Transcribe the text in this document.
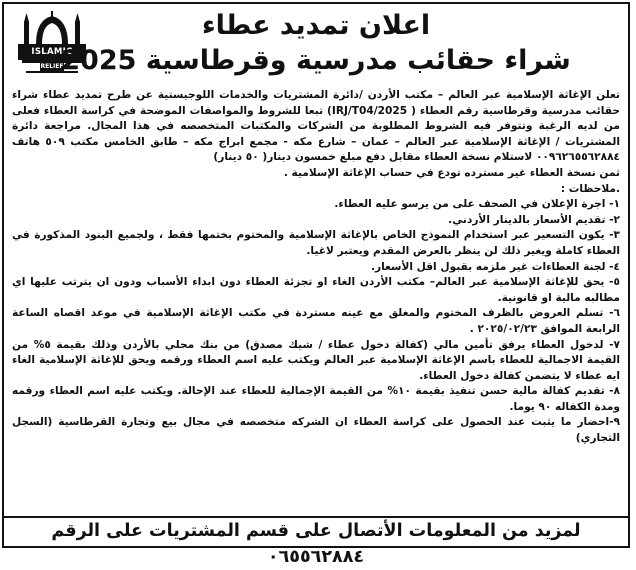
ISLAMIC
RELIEF
اعلان تمديد عطاء
شراء حقائب مدرسية وقرطاسية 2025

تعلن الإغاثة الإسلامية عبر العالم – مكتب الأردن /دائرة المشتريات والخدمات اللوجيستية عن طرح تمديد عطاء شراء حقائب مدرسية وقرطاسية رقم العطاء ( IRJ/T04/2025) تبعا للشروط والمواصفات الموضحة في كراسة العطاء فعلى من لديه الرغبة وتتوفر فيه الشروط المطلوبة من الشركات والمكتبات المتخصصه في هذا المجال. مراجعة دائرة المشتريات / الإغاثة الإسلامية عبر العالم – عمان – شارع مكه - مجمع ابراج مكه – طابق الخامس مكتب ٥٠٩ هاتف ٠٠٩٦٢٦٥٥٦٢٨٨٤ لاستلام نسخة العطاء مقابل دفع مبلغ خمسون دينار( ٥٠ دينار)

ثمن نسخة العطاء غير مسترده تودع في حساب الإغاثة الإسلامية .

.ملاحظات :

١- اجرة الإعلان في الصحف على من يرسو عليه العطاء.

٢- تقديم الأسعار بالدينار الأردني.

٣- يكون التسعير عبر استخدام النموذج الخاص بالإغاثة الإسلامية والمختوم بختمها فقط ، ولجميع البنود المذكورة في العطاء كاملة ويغير ذلك لن ينظر بالعرض المقدم ويعتبر لاغيا.

٤- لجنة العطاءات غير ملزمه بقبول اقل الأسعار.

٥- يحق للإغاثة الإسلامية عبر العالم– مكتب الأردن الغاء او تجزئة العطاء دون ابداء الأسباب ودون ان يترتب عليها اي مطالبه مالية او قانونية.

٦- تسلم العروض بالظرف المختوم والمغلق مع عينه مستردة في مكتب الإغاثة الإسلامية في موعد اقصاه الساعة الرابعة الموافق ٢٠٢٥/٠٢/٢٣ .

٧- لدخول العطاء يرفق تأمين مالي (كفالة دخول عطاء / شيك مصدق) من بنك محلي بالأردن وذلك بقيمة ٥% من القيمة الاجمالية للعطاء باسم الإغاثة الإسلامية عبر العالم ويكتب عليه اسم العطاء ورقمه ويحق للإغاثة الإسلامية الغاء ايه عطاء لا يتضمن كفالة دخول العطاء.

٨- تقديم كفالة مالية حسن تنفيذ بقيمة ١٠% من القيمة الإجمالية للعطاء عند الإحالة. ويكتب عليه اسم العطاء ورقمه ومدة الكفاله ٩٠ يوما.

٩-احضار ما يثبت عند الحصول على كراسة العطاء ان الشركه متخصصه في مجال بيع وتجارة القرطاسية (السجل التجاري)

لمزيد من المعلومات الأتصال على قسم المشتريات على الرقم ٠٦٥٥٦٢٨٨٤
